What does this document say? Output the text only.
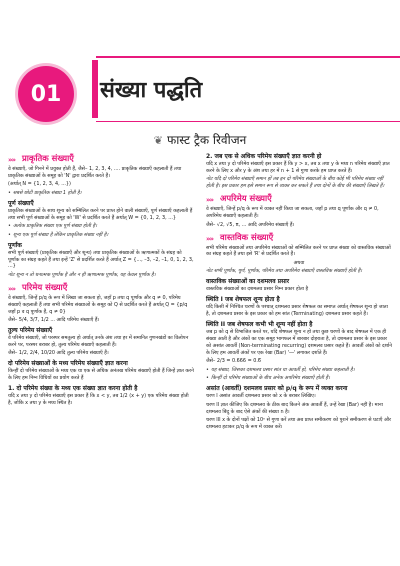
01	संख्या पद्धति
❦ फास्ट ट्रैक रिवीजन
»» प्राकृतिक संख्याएँ

वे संख्याएँ, जो गिनने में प्रयुक्त होती हैं, जैसे– 1, 2, 3, 4, .... प्राकृतिक संख्याएँ कहलाती हैं तथा प्राकृतिक संख्याओं के समूह को 'N' द्वारा प्रदर्शित करते हैं।

(अर्थात् N = {1, 2, 3, 4, ...})

• सबसे छोटी प्राकृतिक संख्या 1 होती है।

पूर्ण संख्याएँ

प्राकृतिक संख्याओं के साथ शून्य को सम्मिलित करने पर प्राप्त होने वाली संख्याएँ, पूर्ण संख्याएँ कहलाती हैं तथा सभी पूर्ण संख्याओं के समूह को 'W' से प्रदर्शित करते हैं अर्थात् W = {0, 1, 2, 3, ...}

• अत्येक प्राकृतिक संख्या एक पूर्ण संख्या होती है।

• शून्य एक पूर्ण संख्या है लेकिन प्राकृतिक संख्या नहीं है।

पूर्णांक

सभी पूर्ण संख्याएँ (प्राकृतिक संख्याएँ और शून्य) तथा प्राकृतिक संख्याओं के ऋणात्मकों के संग्रह को पूर्णांक का संग्रह कहते हैं तथा इन्हें 'Z' से प्रदर्शित करते हैं अर्थात् Z = {..., –3, –2, –1, 0, 1, 2, 3, ...}

नोट शून्य न तो धनात्मक पूर्णांक है और न ही ऋणात्मक पूर्णांक, यह केवल पूर्णांक है।

»» परिमेय संख्याएँ

वे संख्याएँ, जिन्हें p/q के रूप में लिखा जा सकता हो, जहाँ p तथा q पूर्णांक और q ≠ 0, परिमेय संख्याएँ कहलाती हैं तथा सभी परिमेय संख्याओं के समूह को Q से प्रदर्शित करते हैं अर्थात् Q = {p/q जहाँ p व q पूर्णांक हैं, q ≠ 0}

जैसे– 5/4, 3/7, 1/2 ... आदि परिमेय संख्याएँ हैं।

तुल्य परिमेय संख्याएँ

वे परिमेय संख्याएँ, जो परस्पर समतुल्य हो अर्थात् उनके अंश तथा हर में समानित गुणनखंडों का विलोपन करने पर, परस्पर बराबर हो, तुल्य परिमेय संख्याएँ कहलाती हैं।

जैसे– 1/2, 2/4, 10/20 आदि तुल्य परिमेय संख्याएँ हैं।

दो परिमेय संख्याओं के मध्य परिमेय संख्याएँ ज्ञात करना

किन्हीं दो परिमेय संख्याओं के मध्य एक या एक से अधिक अनंतख परिमेय संख्याएँ होती हैं जिन्हें ज्ञात करने के लिए हम निम्न विधियों का प्रयोग करते हैं

1. दो परिमेय संख्या के मध्य एक संख्या ज्ञात करना होती है

यदि x तथा y दो परिमेय संख्याएँ इस प्रकार हैं कि x < y, तब 1/2 (x + y) एक परिमेय संख्या होती है, जोकि x तथा y के मध्य स्थित है।

2. जब एक से अधिक परिमेय संख्याएँ ज्ञात करनी हो

यदि x तथा y दो परिमेय संख्याएँ इस प्रकार हैं कि y > x, तब x तथा y के मध्य n परिमेय संख्याएँ ज्ञात करने के लिए x और y के अंश तथा हर में n + 1 से गुणा करके हम प्राप्त करते हैं।

नोट यदि दो परिमेय संख्याएँ समान हों तब इन दो परिमेय संख्याओं के बीच कोई भी परिमेय संख्या नहीं होती है। इस प्रकार हम इसे समान रूप से व्यक्त कर सकते हैं तथा दोनों के बीच की संख्याएँ लिखते हैं।

»» अपरिमेय संख्याएँ

वे संख्याएँ, जिन्हें p/q के रूप में व्यक्त नहीं किया जा सकता, जहाँ p तथा q पूर्णांक और q ≠ 0, अपरिमेय संख्याएँ कहलाती हैं।

जैसे– √2, √5, π, ... आदि अपरिमेय संख्याएँ हैं।

»» वास्तविक संख्याएँ

सभी परिमेय संख्याओं तथा अपरिमेय संख्याओं को सम्मिलित करने पर प्राप्त संख्या को वास्तविक संख्याओं का संग्रह कहते हैं तथा इसे 'R' से प्रदर्शित करते हैं।

अथवा

नोट सभी पूर्णांक, पूर्ण, पूर्णांक, परिमेय तथा अपरिमेय संख्याएँ वास्तविक संख्याएँ होती हैं।

वास्तविक संख्याओं का दशमलव प्रसार

वास्तविक संख्याओं का दशमलव प्रसार निम्न प्रकार होता है

स्थिति I जब शेषफल शून्य होता है

यदि किसी में निश्चित चरणों के पश्चात् दशमलव प्रसार शेषफल का समाप्त अर्थात् शेषफल शून्य हो जाता है, तो दशमलव प्रसार के इस प्रकार को हम सांत (Terminating) दशमलव प्रसार कहते हैं।

स्थिति II जब शेषफल कभी भी शून्य नहीं होता है

जब p को q से विभाजित करते पर, यदि शेषफल शून्य न हो तथा कुछ चरणों के बाद शेषफल में एक ही संख्या आती है और अंकों का एक समूह भागफल में बारबार दोहराता है, तो दशमलव प्रसार के इस प्रकार को असांत आवर्ती (Non-terminating recurring) दशमलव प्रसार कहते हैं। आवर्ती अंकों को दर्शाने के लिए हम आवर्ती अंकों पर एक रेखा (Bar) '―' लगाकर दर्शाते हैं।

जैसे– 2/3 = 0.666 = 0.6̅

• यह संख्या, जिसका दशमलव प्रसार सांत या आवर्ती हो, परिमेय संख्या कहलाती है।

• किन्हीं दो परिमेय संख्याओं के बीच अनेक अपरिमेय संख्याएँ होती हैं।

असांत (आवर्ती) दशमलव प्रसार को p/q के रूप में व्यक्त करना

चरण I असांत आवर्ती दशमलव प्रसार को x के बराबर लिखिए।

चरण II ज्ञात कीजिए कि दशमलव के ठीक बाद कितने अंक आवर्ती हैं, उन्हें रेखा (Bar) नहीं है। माना दशमलव बिंदु के बाद ऐसे अंकों की संख्या n है।

चरण III x के दोनों पक्षों को 10ⁿ से गुणा करें तथा अब प्राप्त समीकरण को पुराने समीकरण से घटाएँ और दशमलव हटाकर p/q के रूप में व्यक्त करें।
